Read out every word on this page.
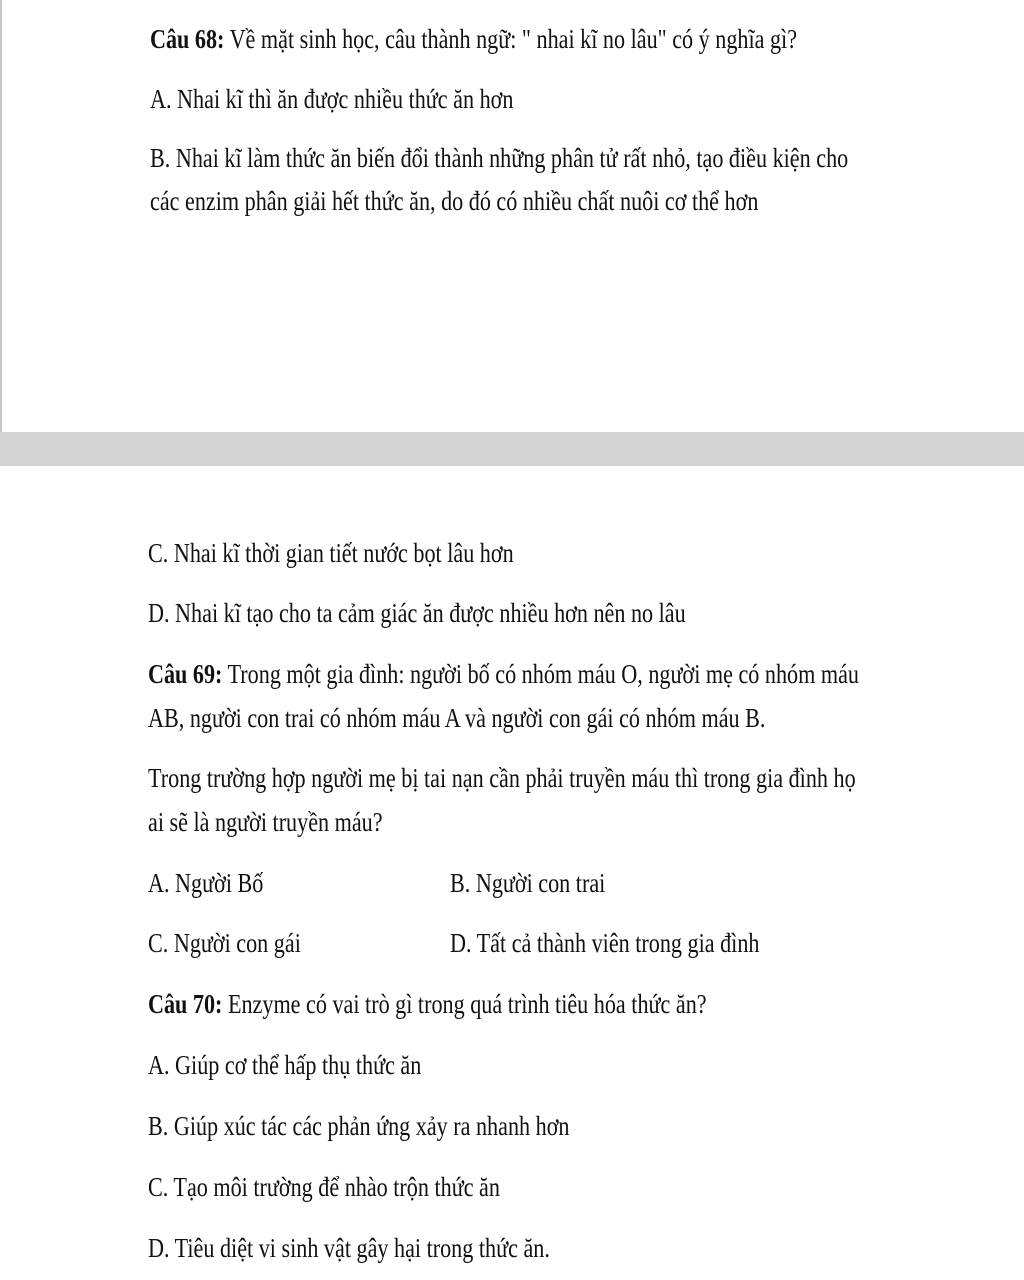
Câu 68: Về mặt sinh học, câu thành ngữ: " nhai kĩ no lâu" có ý nghĩa gì?

A. Nhai kĩ thì ăn được nhiều thức ăn hơn

B. Nhai kĩ làm thức ăn biến đổi thành những phân tử rất nhỏ, tạo điều kiện cho

các enzim phân giải hết thức ăn, do đó có nhiều chất nuôi cơ thể hơn

C. Nhai kĩ thời gian tiết nước bọt lâu hơn

D. Nhai kĩ tạo cho ta cảm giác ăn được nhiều hơn nên no lâu

Câu 69: Trong một gia đình: người bố có nhóm máu O, người mẹ có nhóm máu

AB, người con trai có nhóm máu A và người con gái có nhóm máu B.

Trong trường hợp người mẹ bị tai nạn cần phải truyền máu thì trong gia đình họ

ai sẽ là người truyền máu?

A. Người Bố	B. Người con trai

C. Người con gái	D. Tất cả thành viên trong gia đình

Câu 70: Enzyme có vai trò gì trong quá trình tiêu hóa thức ăn?

A. Giúp cơ thể hấp thụ thức ăn

B. Giúp xúc tác các phản ứng xảy ra nhanh hơn

C. Tạo môi trường để nhào trộn thức ăn

D. Tiêu diệt vi sinh vật gây hại trong thức ăn.
